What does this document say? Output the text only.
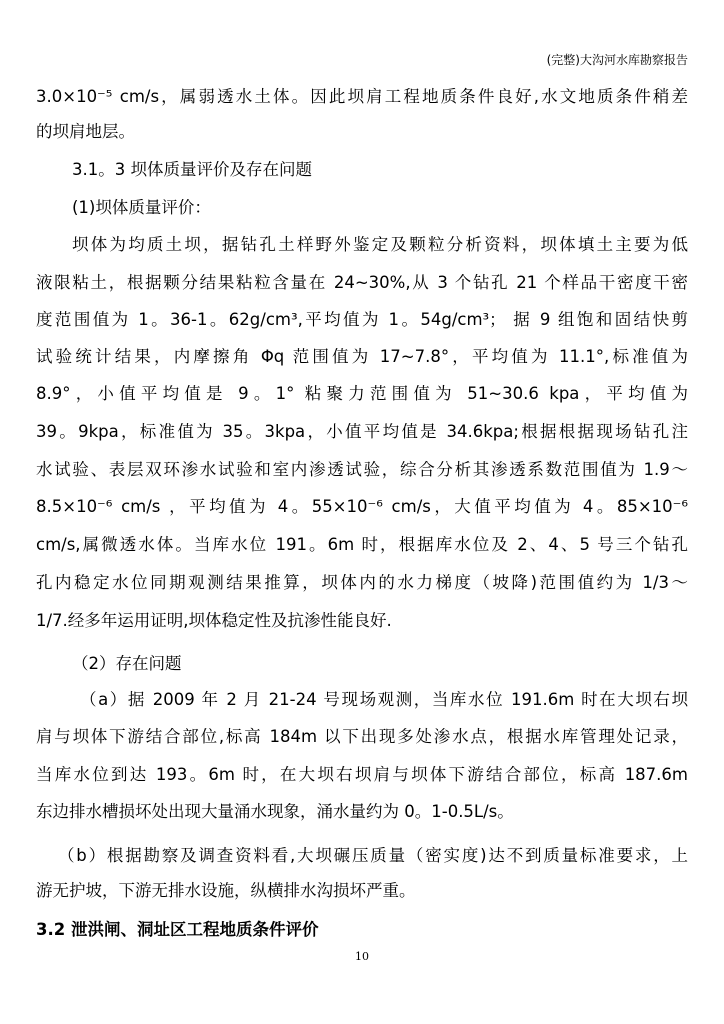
(完整)大沟河水库勘察报告
3.0×10⁻⁵ cm/s，属弱透水土体。因此坝肩工程地质条件良好,水文地质条件稍差
的坝肩地层。
3.1。3 坝体质量评价及存在问题
(1)坝体质量评价：
坝体为均质土坝，据钻孔土样野外鉴定及颗粒分析资料，坝体填土主要为低
液限粘土，根据颗分结果粘粒含量在 24~30%,从 3 个钻孔 21 个样品干密度干密
度范围值为 1。36-1。62g/cm³,平均值为 1。54g/cm³； 据 9 组饱和固结快剪
试验统计结果，内摩擦角 Φq 范围值为 17~7.8°，平均值为 11.1°,标准值为
8.9°，小值平均值是 9。1° 粘聚力范围值为 51~30.6 kpa，平均值为
39。9kpa，标准值为 35。3kpa，小值平均值是 34.6kpa;根据根据现场钻孔注
水试验、表层双环渗水试验和室内渗透试验，综合分析其渗透系数范围值为 1.9～
8.5×10⁻⁶ cm/s ，平均值为 4。55×10⁻⁶ cm/s，大值平均值为 4。85×10⁻⁶
cm/s,属微透水体。当库水位 191。6m 时，根据库水位及 2、4、5 号三个钻孔
孔内稳定水位同期观测结果推算，坝体内的水力梯度（坡降)范围值约为 1/3～
1/7.经多年运用证明,坝体稳定性及抗渗性能良好.
（2）存在问题
（a）据 2009 年 2 月 21-24 号现场观测，当库水位 191.6m 时在大坝右坝
肩与坝体下游结合部位,标高 184m 以下出现多处渗水点，根据水库管理处记录，
当库水位到达 193。6m 时，在大坝右坝肩与坝体下游结合部位，标高 187.6m
东边排水槽损坏处出现大量涌水现象，涌水量约为 0。1-0.5L/s。
（b）根据勘察及调查资料看,大坝碾压质量（密实度)达不到质量标准要求，上
游无护坡，下游无排水设施，纵横排水沟损坏严重。
3.2 泄洪闸、洞址区工程地质条件评价
10
